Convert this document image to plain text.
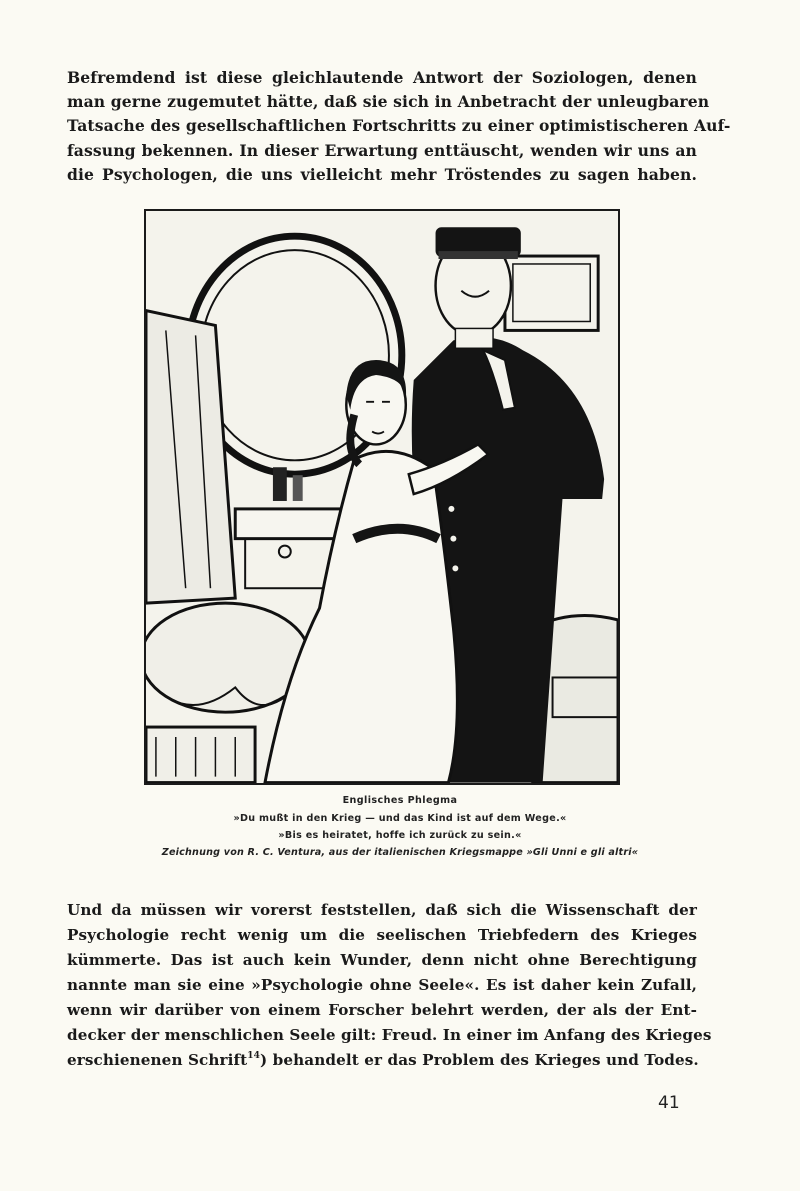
Befremdend ist diese gleichlautende Antwort der Soziologen, denen
man gerne zugemutet hätte, daß sie sich in Anbetracht der unleugbaren
Tatsache des gesellschaftlichen Fortschritts zu einer optimistischeren Auf-
fassung bekennen. In dieser Erwartung enttäuscht, wenden wir uns an
die Psychologen, die uns vielleicht mehr Tröstendes zu sagen haben.
Englisches Phlegma
»Du mußt in den Krieg — und das Kind ist auf dem Wege.«
»Bis es heiratet, hoffe ich zurück zu sein.«
Zeichnung von R. C. Ventura, aus der italienischen Kriegsmappe »Gli Unni e gli altri«
Und da müssen wir vorerst feststellen, daß sich die Wissenschaft der
Psychologie recht wenig um die seelischen Triebfedern des Krieges
kümmerte. Das ist auch kein Wunder, denn nicht ohne Berechtigung
nannte man sie eine »Psychologie ohne Seele«. Es ist daher kein Zufall,
wenn wir darüber von einem Forscher belehrt werden, der als der Ent-
decker der menschlichen Seele gilt: Freud. In einer im Anfang des Krieges
erschienenen Schrift$^{14}$) behandelt er das Problem des Krieges und Todes.
41
